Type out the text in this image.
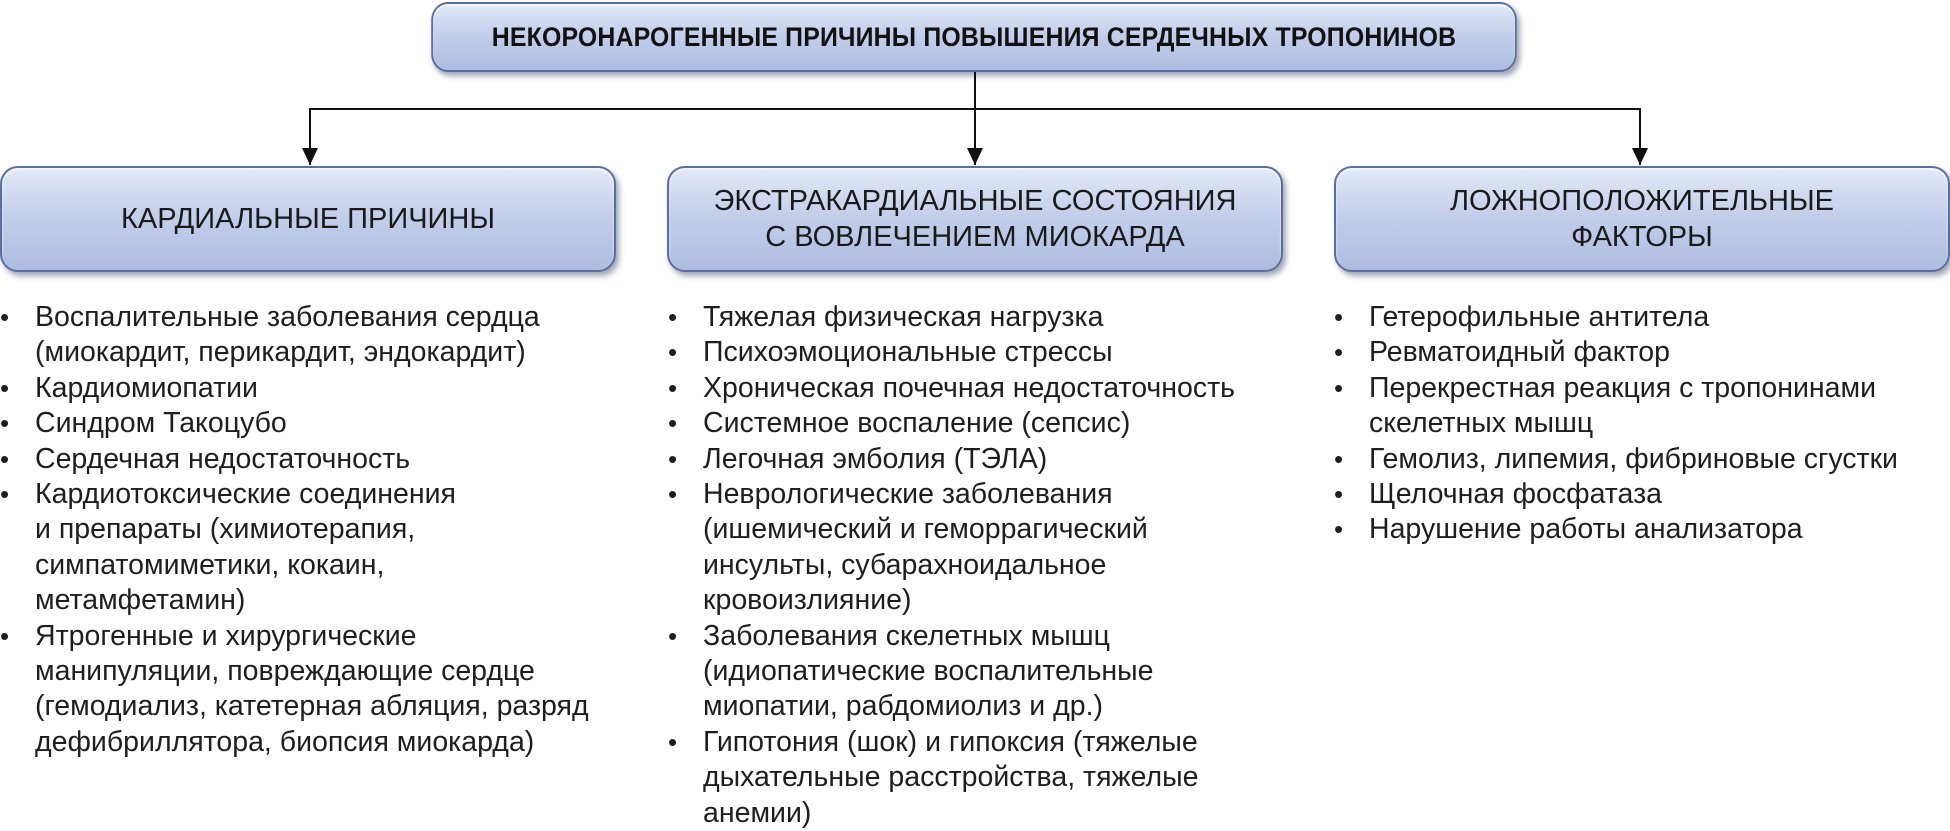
НЕКОРОНАРОГЕННЫЕ ПРИЧИНЫ ПОВЫШЕНИЯ СЕРДЕЧНЫХ ТРОПОНИНОВ
КАРДИАЛЬНЫЕ ПРИЧИНЫ
ЭКСТРАКАРДИАЛЬНЫЕ СОСТОЯНИЯ
С ВОВЛЕЧЕНИЕМ МИОКАРДА
ЛОЖНОПОЛОЖИТЕЛЬНЫЕ
ФАКТОРЫ
• Воспалительные заболевания сердца
(миокардит, перикардит, эндокардит)
• Кардиомиопатии
• Синдром Такоцубо
• Сердечная недостаточность
• Кардиотоксические соединения
и препараты (химиотерапия,
симпатомиметики, кокаин,
метамфетамин)
• Ятрогенные и хирургические
манипуляции, повреждающие сердце
(гемодиализ, катетерная абляция, разряд
дефибриллятора, биопсия миокарда)
• Тяжелая физическая нагрузка
• Психоэмоциональные стрессы
• Хроническая почечная недостаточность
• Системное воспаление (сепсис)
• Легочная эмболия (ТЭЛА)
• Неврологические заболевания
(ишемический и геморрагический
инсульты, субарахноидальное
кровоизлияние)
• Заболевания скелетных мышц
(идиопатические воспалительные
миопатии, рабдомиолиз и др.)
• Гипотония (шок) и гипоксия (тяжелые
дыхательные расстройства, тяжелые
анемии)
• Гетерофильные антитела
• Ревматоидный фактор
• Перекрестная реакция с тропонинами
скелетных мышц
• Гемолиз, липемия, фибриновые сгустки
• Щелочная фосфатаза
• Нарушение работы анализатора
